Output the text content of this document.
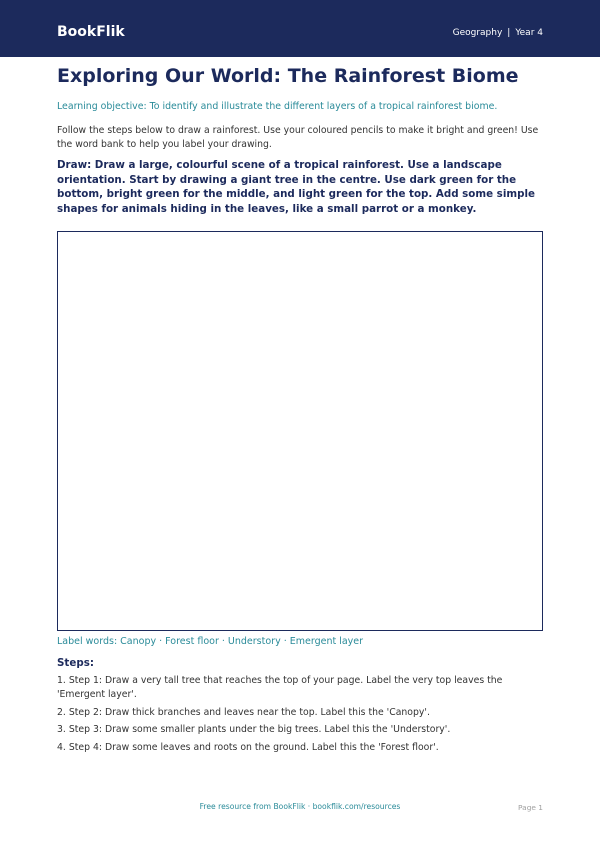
BookFlik	Geography | Year 4
Exploring Our World: The Rainforest Biome
Learning objective: To identify and illustrate the different layers of a tropical rainforest biome.
Follow the steps below to draw a rainforest. Use your coloured pencils to make it bright and green! Use the word bank to help you label your drawing.
Draw: Draw a large, colourful scene of a tropical rainforest. Use a landscape orientation. Start by drawing a giant tree in the centre. Use dark green for the bottom, bright green for the middle, and light green for the top. Add some simple shapes for animals hiding in the leaves, like a small parrot or a monkey.
Label words: Canopy · Forest floor · Understory · Emergent layer
Steps:
1. Step 1: Draw a very tall tree that reaches the top of your page. Label the very top leaves the 'Emergent layer'.
2. Step 2: Draw thick branches and leaves near the top. Label this the 'Canopy'.
3. Step 3: Draw some smaller plants under the big trees. Label this the 'Understory'.
4. Step 4: Draw some leaves and roots on the ground. Label this the 'Forest floor'.
Free resource from BookFlik · bookflik.com/resources	Page 1
